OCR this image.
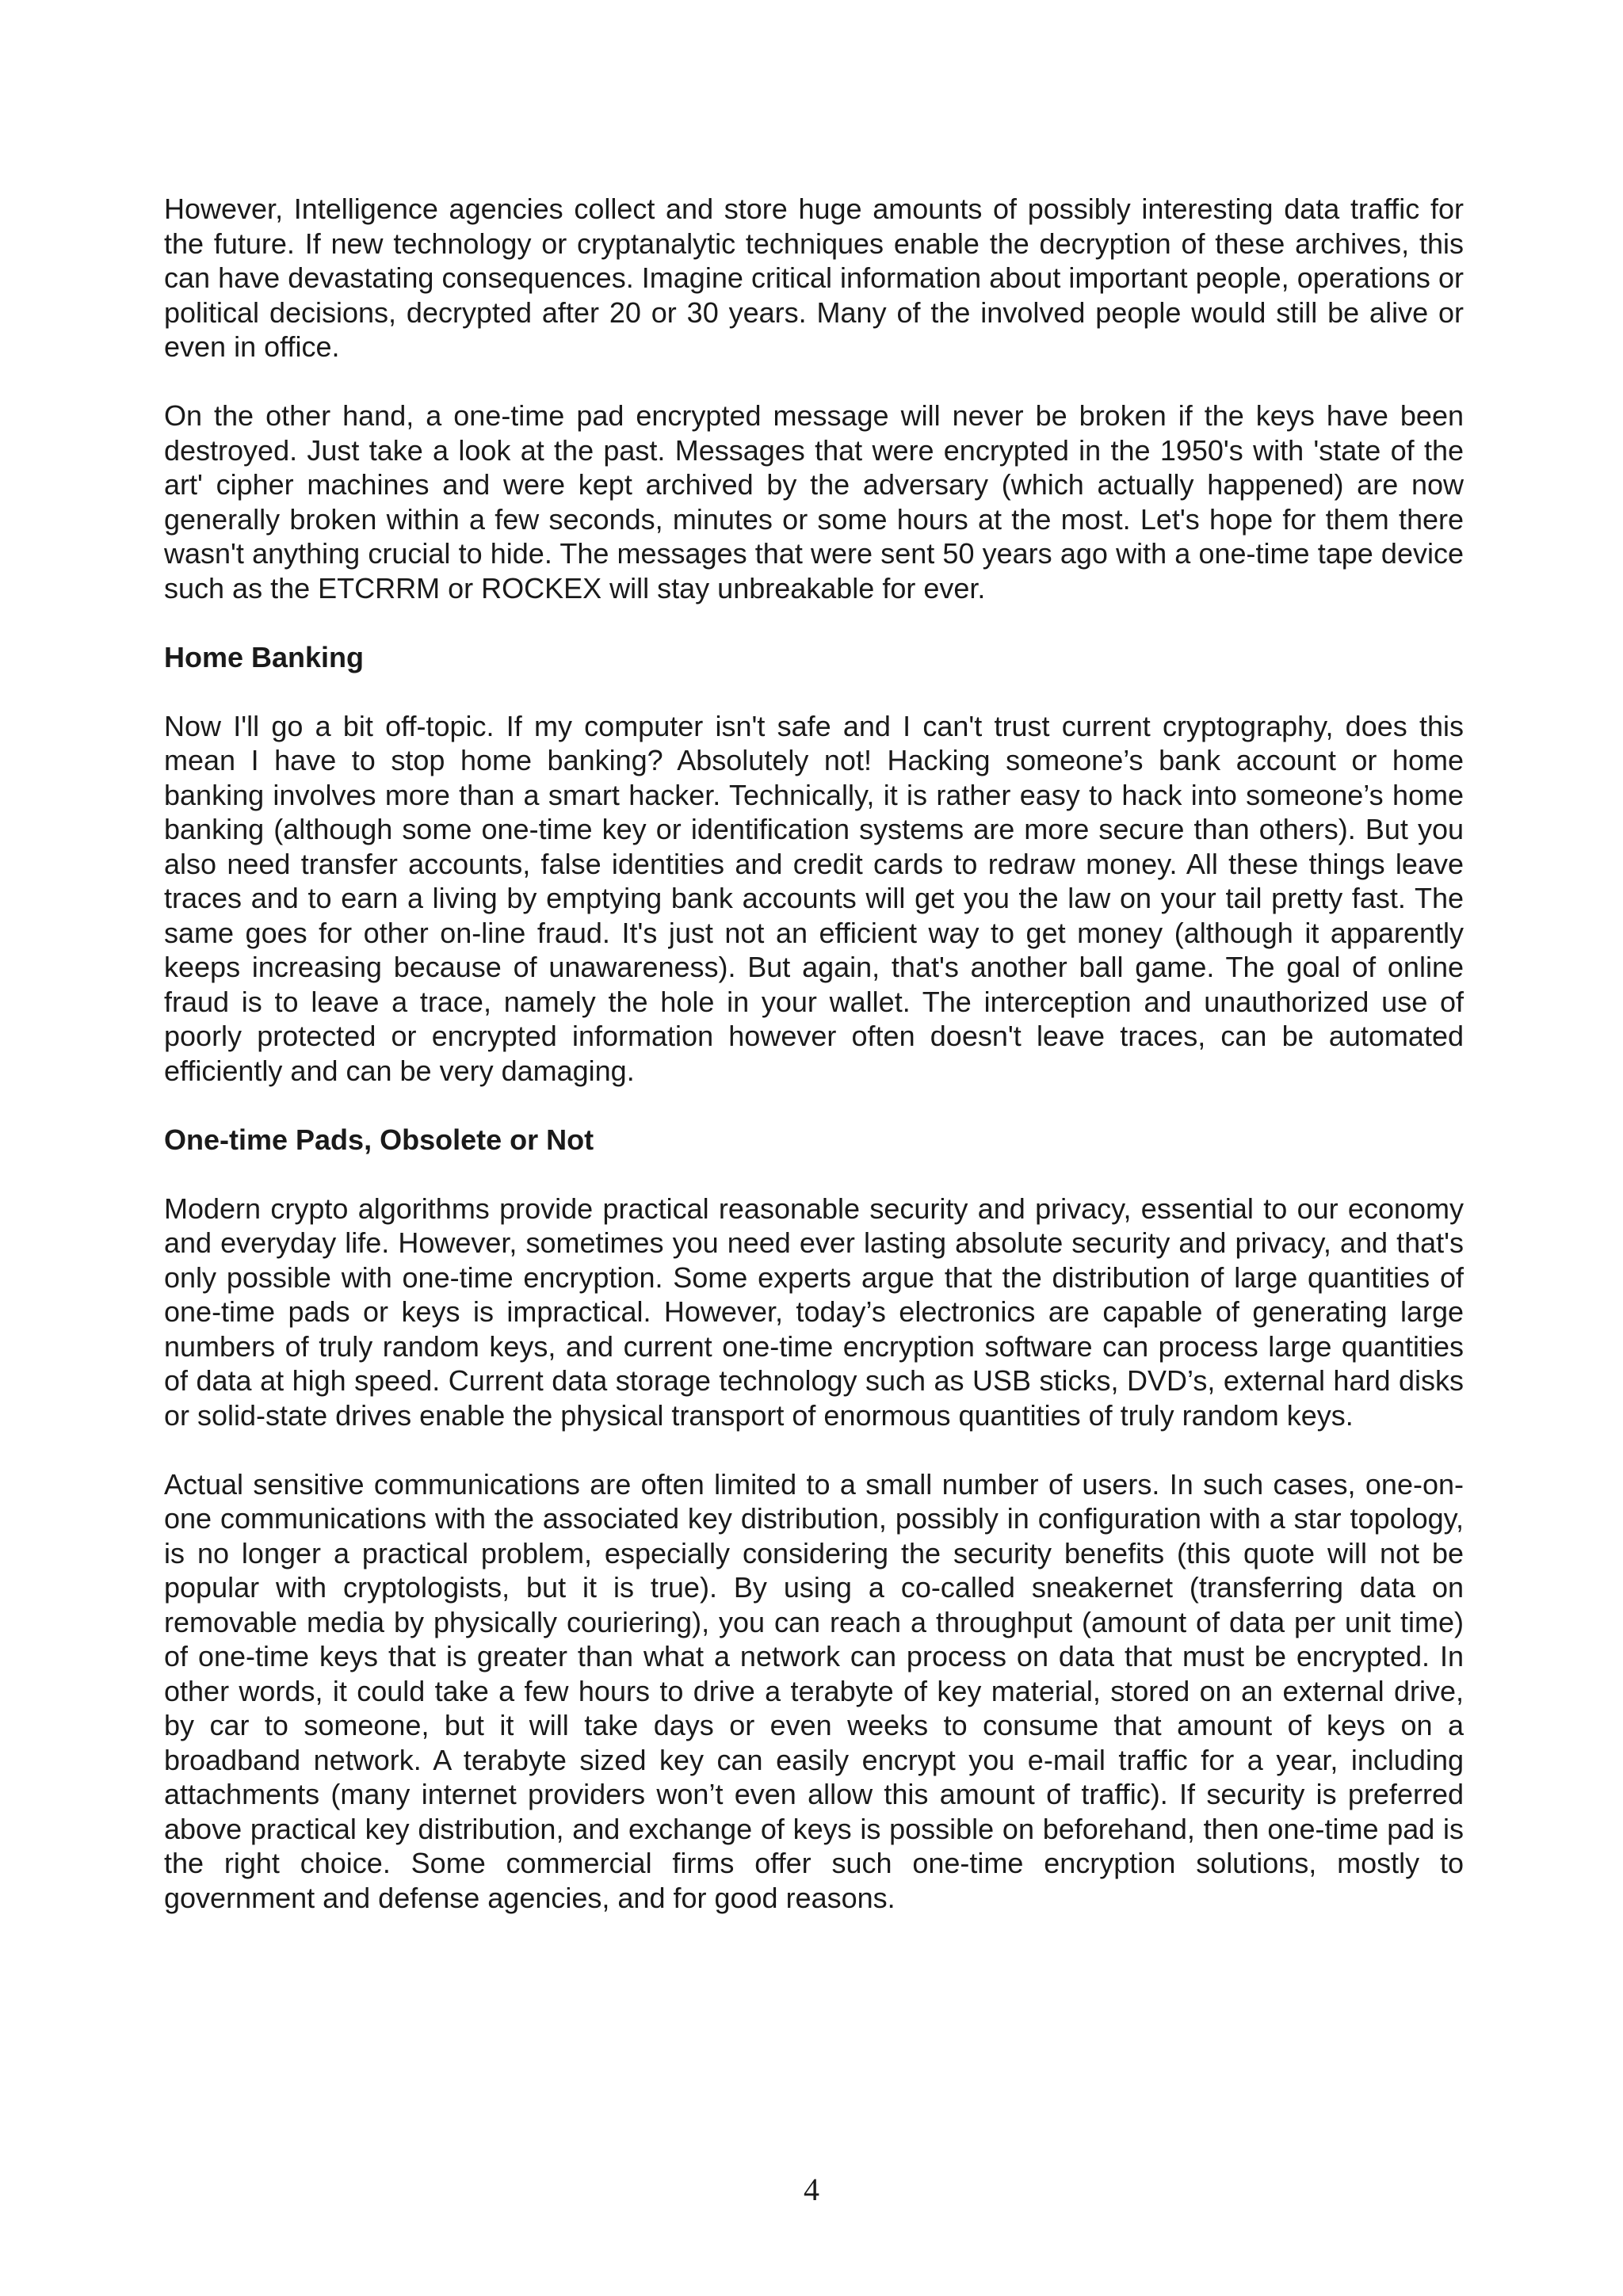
However, Intelligence agencies collect and store huge amounts of possibly interesting data traffic for the future. If new technology or cryptanalytic techniques enable the decryption of these archives, this can have devastating consequences. Imagine critical information about important people, operations or political decisions, decrypted after 20 or 30 years. Many of the involved people would still be alive or even in office.

On the other hand, a one-time pad encrypted message will never be broken if the keys have been destroyed. Just take a look at the past. Messages that were encrypted in the 1950's with 'state of the art' cipher machines and were kept archived by the adversary (which actually happened) are now generally broken within a few seconds, minutes or some hours at the most. Let's hope for them there wasn't anything crucial to hide. The messages that were sent 50 years ago with a one-time tape device such as the ETCRRM or ROCKEX will stay unbreakable for ever.

Home Banking

Now I'll go a bit off-topic. If my computer isn't safe and I can't trust current cryptography, does this mean I have to stop home banking? Absolutely not! Hacking someone’s bank account or home banking involves more than a smart hacker. Technically, it is rather easy to hack into someone’s home banking (although some one-time key or identification systems are more secure than others). But you also need transfer accounts, false identities and credit cards to redraw money. All these things leave traces and to earn a living by emptying bank accounts will get you the law on your tail pretty fast. The same goes for other on-line fraud. It's just not an efficient way to get money (although it apparently keeps increasing because of unawareness). But again, that's another ball game. The goal of online fraud is to leave a trace, namely the hole in your wallet. The interception and unauthorized use of poorly protected or encrypted information however often doesn't leave traces, can be automated efficiently and can be very damaging.

One-time Pads, Obsolete or Not

Modern crypto algorithms provide practical reasonable security and privacy, essential to our economy and everyday life. However, sometimes you need ever lasting absolute security and privacy, and that's only possible with one-time encryption. Some experts argue that the distribution of large quantities of one-time pads or keys is impractical. However, today’s electronics are capable of generating large numbers of truly random keys, and current one-time encryption software can process large quantities of data at high speed. Current data storage technology such as USB sticks, DVD’s, external hard disks or solid-state drives enable the physical transport of enormous quantities of truly random keys.

Actual sensitive communications are often limited to a small number of users. In such cases, one-on-one communications with the associated key distribution, possibly in configuration with a star topology, is no longer a practical problem, especially considering the security benefits (this quote will not be popular with cryptologists, but it is true). By using a co-called sneakernet (transferring data on removable media by physically couriering), you can reach a throughput (amount of data per unit time) of one-time keys that is greater than what a network can process on data that must be encrypted. In other words, it could take a few hours to drive a terabyte of key material, stored on an external drive, by car to someone, but it will take days or even weeks to consume that amount of keys on a broadband network. A terabyte sized key can easily encrypt you e-mail traffic for a year, including attachments (many internet providers won’t even allow this amount of traffic). If security is preferred above practical key distribution, and exchange of keys is possible on beforehand, then one-time pad is the right choice. Some commercial firms offer such one-time encryption solutions, mostly to government and defense agencies, and for good reasons.

4
